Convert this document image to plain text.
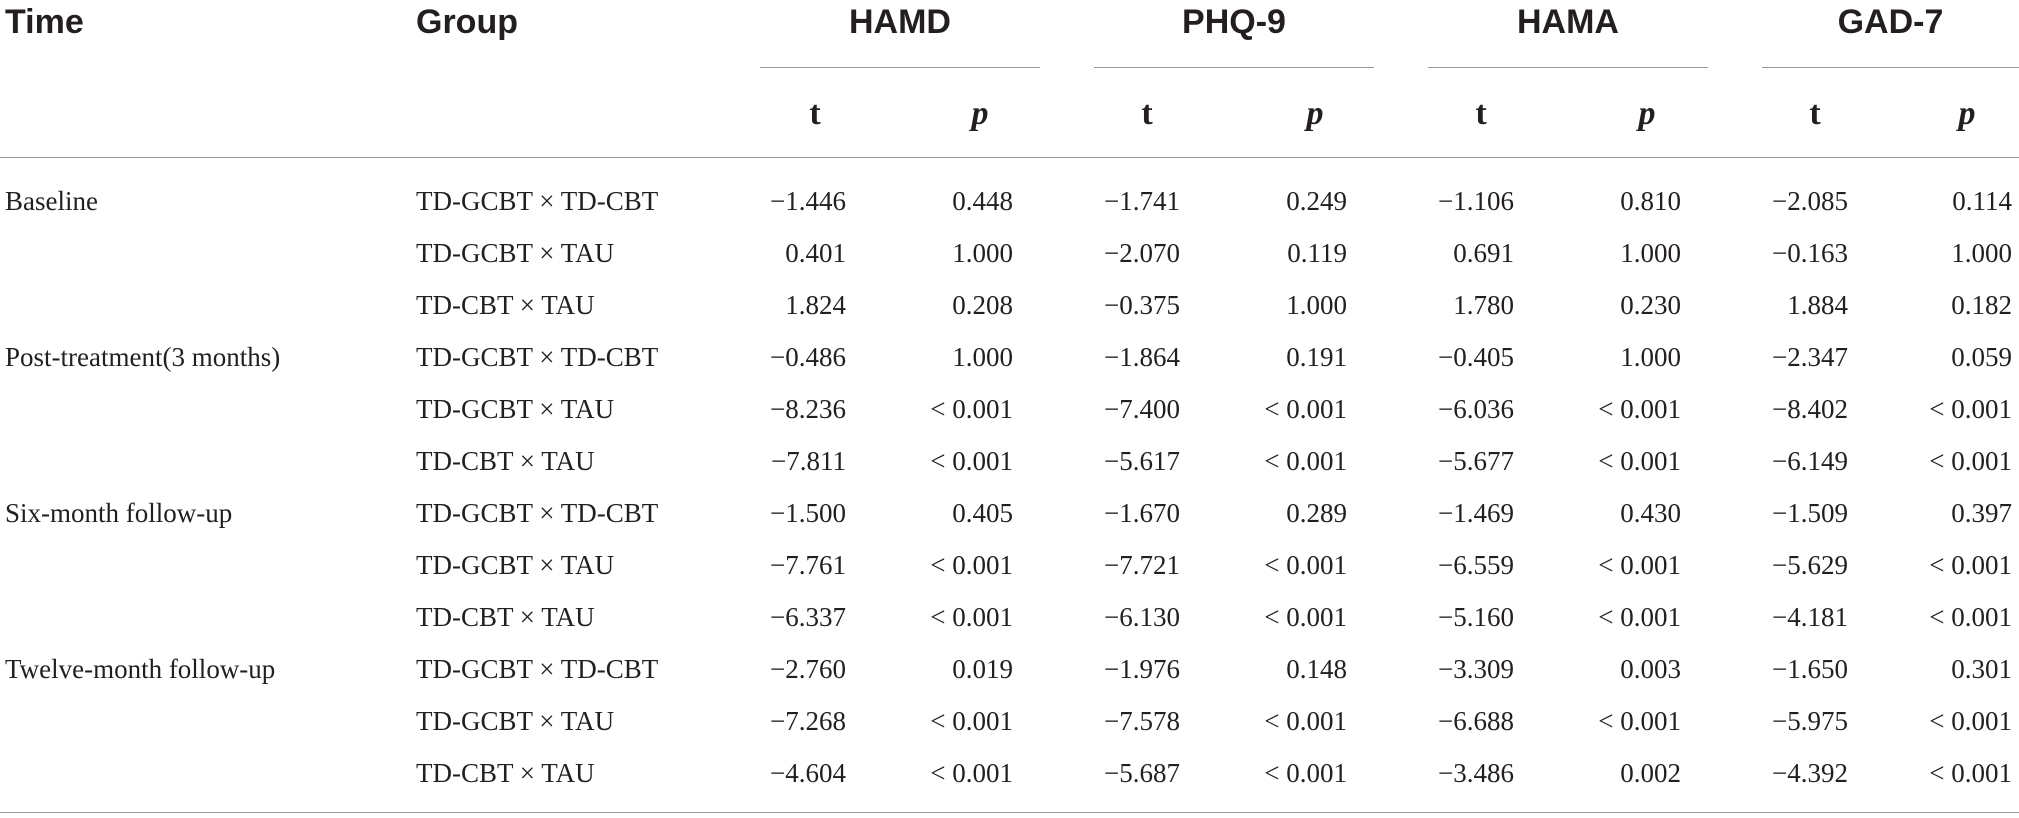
Time	Group	HAMD	PHQ-9	HAMA	GAD-7
t	p	t	p	t	p	t	p
Baseline	TD-GCBT × TD-CBT	−1.446	0.448	−1.741	0.249	−1.106	0.810	−2.085	0.114
TD-GCBT × TAU	0.401	1.000	−2.070	0.119	0.691	1.000	−0.163	1.000
TD-CBT × TAU	1.824	0.208	−0.375	1.000	1.780	0.230	1.884	0.182
Post-treatment(3 months)	TD-GCBT × TD-CBT	−0.486	1.000	−1.864	0.191	−0.405	1.000	−2.347	0.059
TD-GCBT × TAU	−8.236	< 0.001	−7.400	< 0.001	−6.036	< 0.001	−8.402	< 0.001
TD-CBT × TAU	−7.811	< 0.001	−5.617	< 0.001	−5.677	< 0.001	−6.149	< 0.001
Six-month follow-up	TD-GCBT × TD-CBT	−1.500	0.405	−1.670	0.289	−1.469	0.430	−1.509	0.397
TD-GCBT × TAU	−7.761	< 0.001	−7.721	< 0.001	−6.559	< 0.001	−5.629	< 0.001
TD-CBT × TAU	−6.337	< 0.001	−6.130	< 0.001	−5.160	< 0.001	−4.181	< 0.001
Twelve-month follow-up	TD-GCBT × TD-CBT	−2.760	0.019	−1.976	0.148	−3.309	0.003	−1.650	0.301
TD-GCBT × TAU	−7.268	< 0.001	−7.578	< 0.001	−6.688	< 0.001	−5.975	< 0.001
TD-CBT × TAU	−4.604	< 0.001	−5.687	< 0.001	−3.486	0.002	−4.392	< 0.001
